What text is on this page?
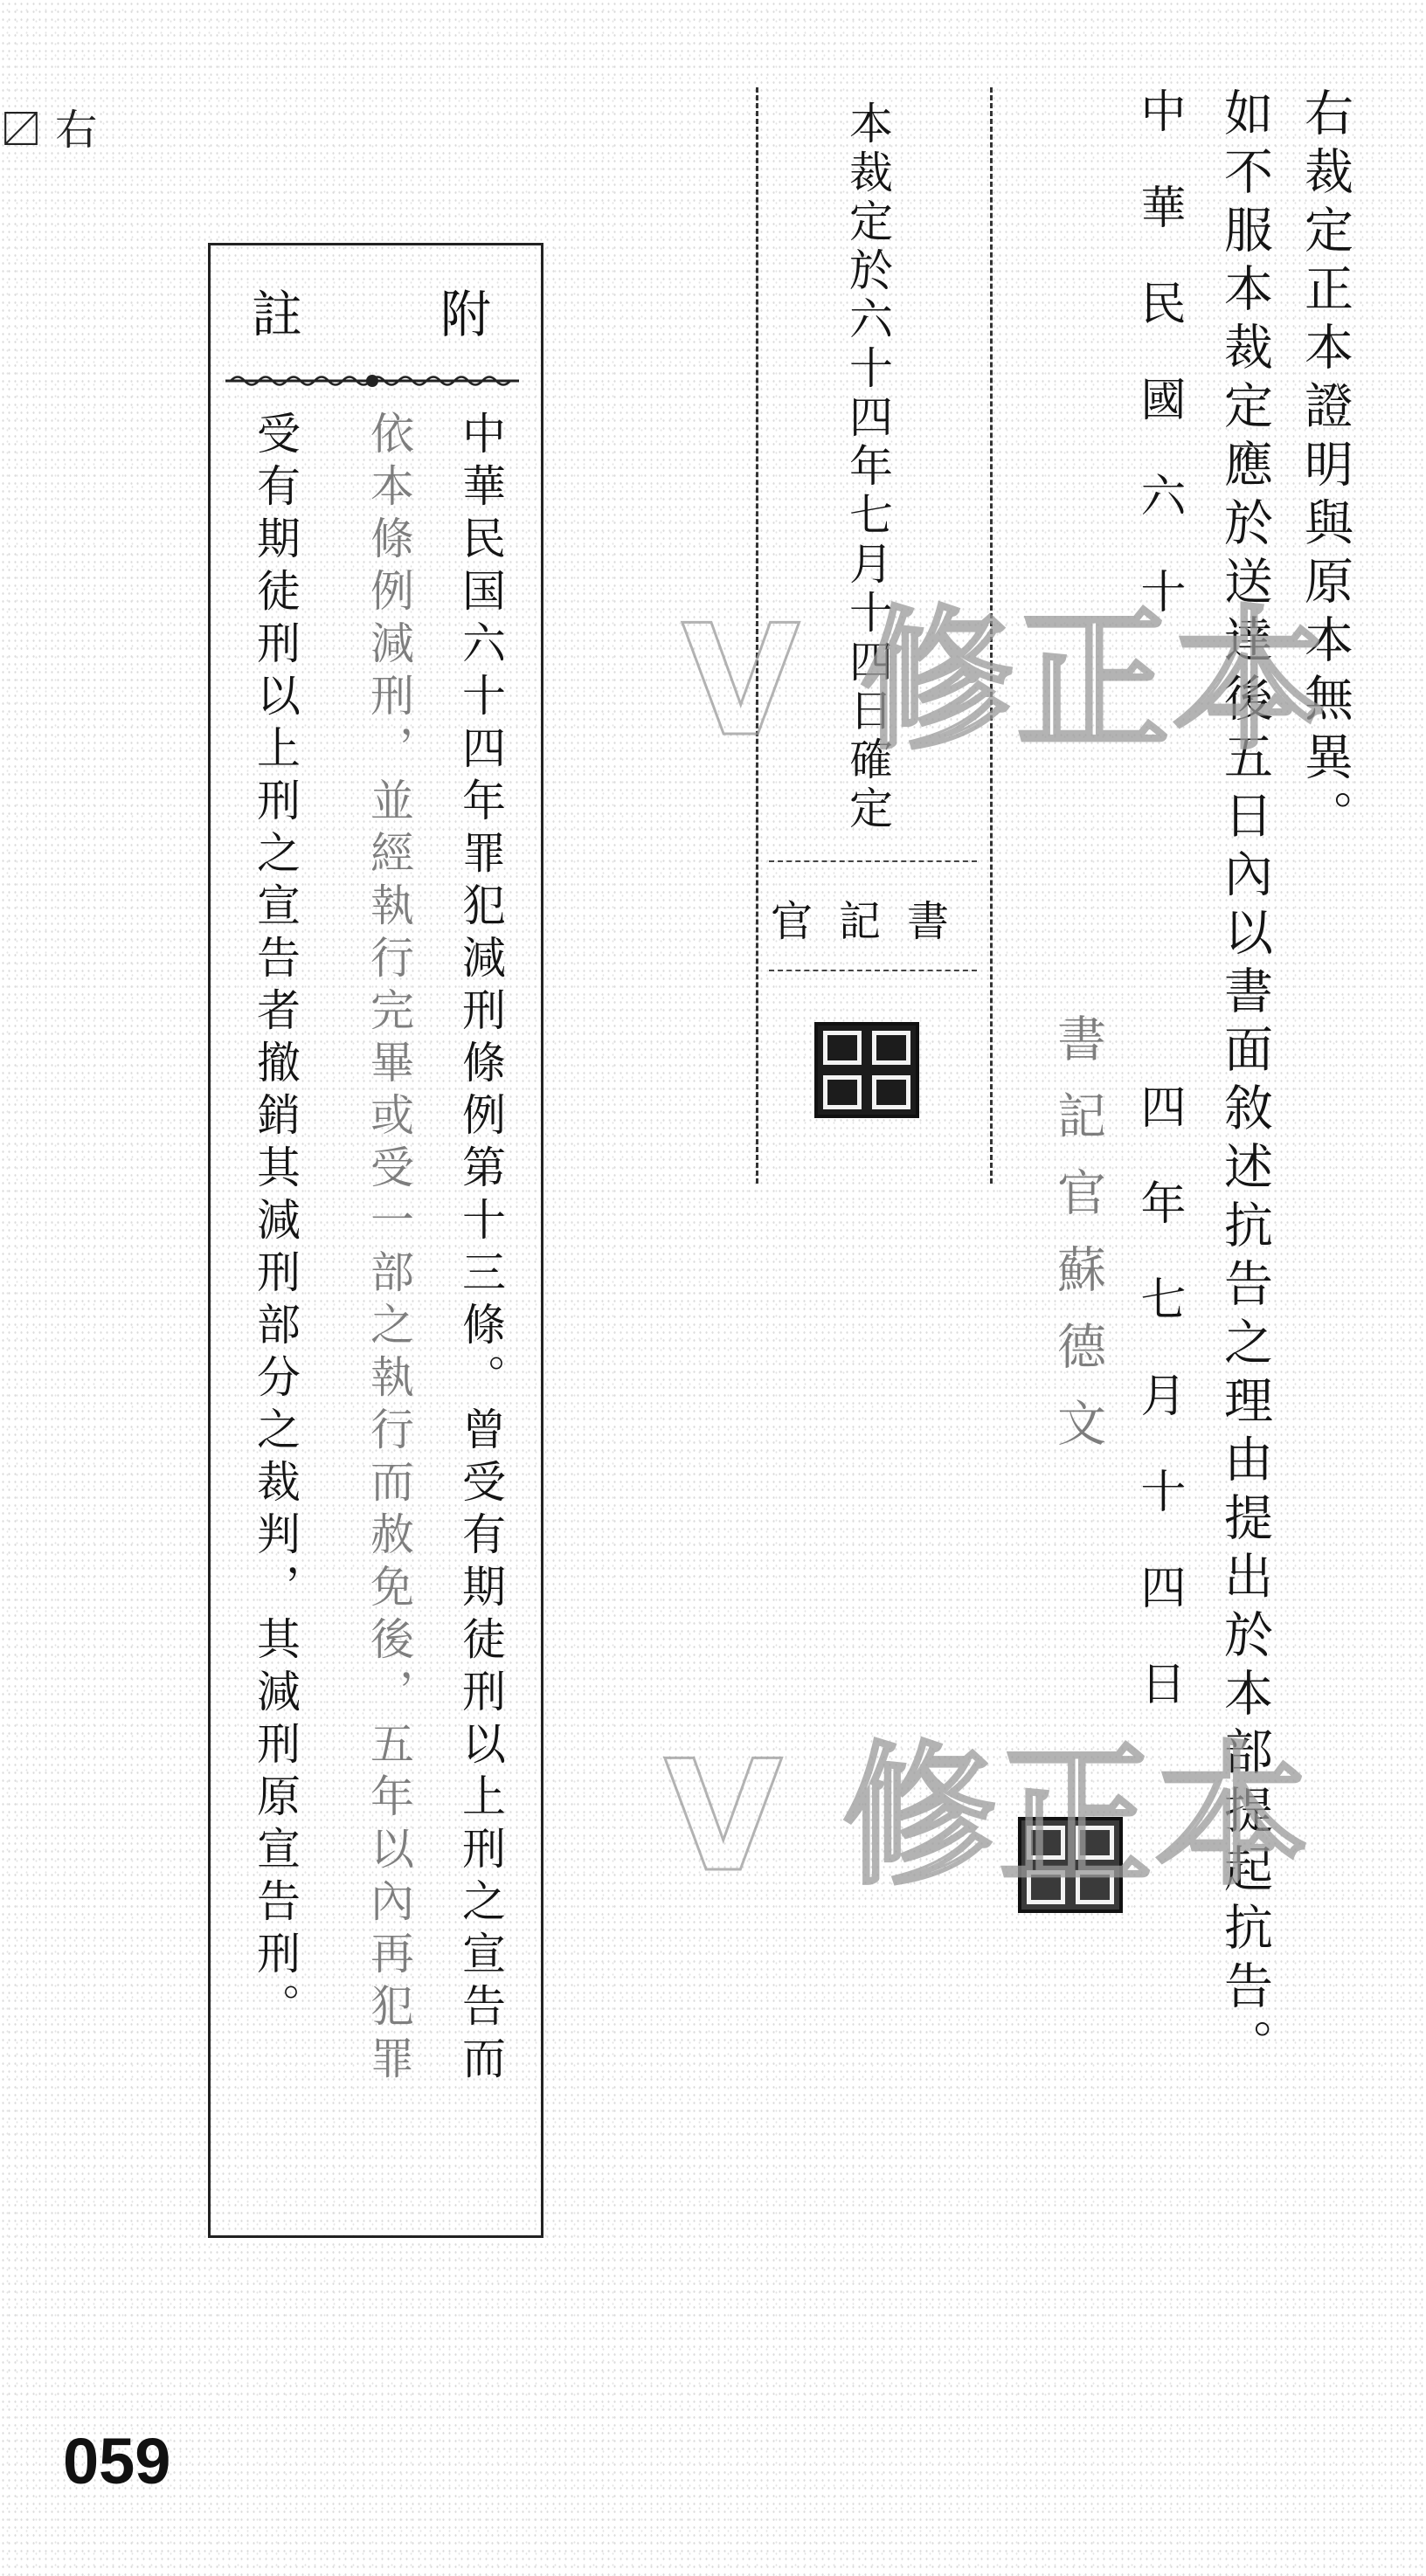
〼 右	右裁定正本證明與原本無異。
如不服本裁定應於送達後五日內以書面敘述抗告之理由提出於本部提起抗告。
中華民國六十
四年七月十四日
書記官蘇德文
本裁定於六十四年七月十四日確定
書記官
附
註
中華民国六十四年罪犯減刑條例第十三條。曾受有期徒刑以上刑之宣告而
依本條例減刑，並經執行完畢或受一部之執行而赦免後，五年以內再犯罪
受有期徒刑以上刑之宣告者撤銷其減刑部分之裁判，其減刑原宣告刑。 V 修正本
V 修正本
059
